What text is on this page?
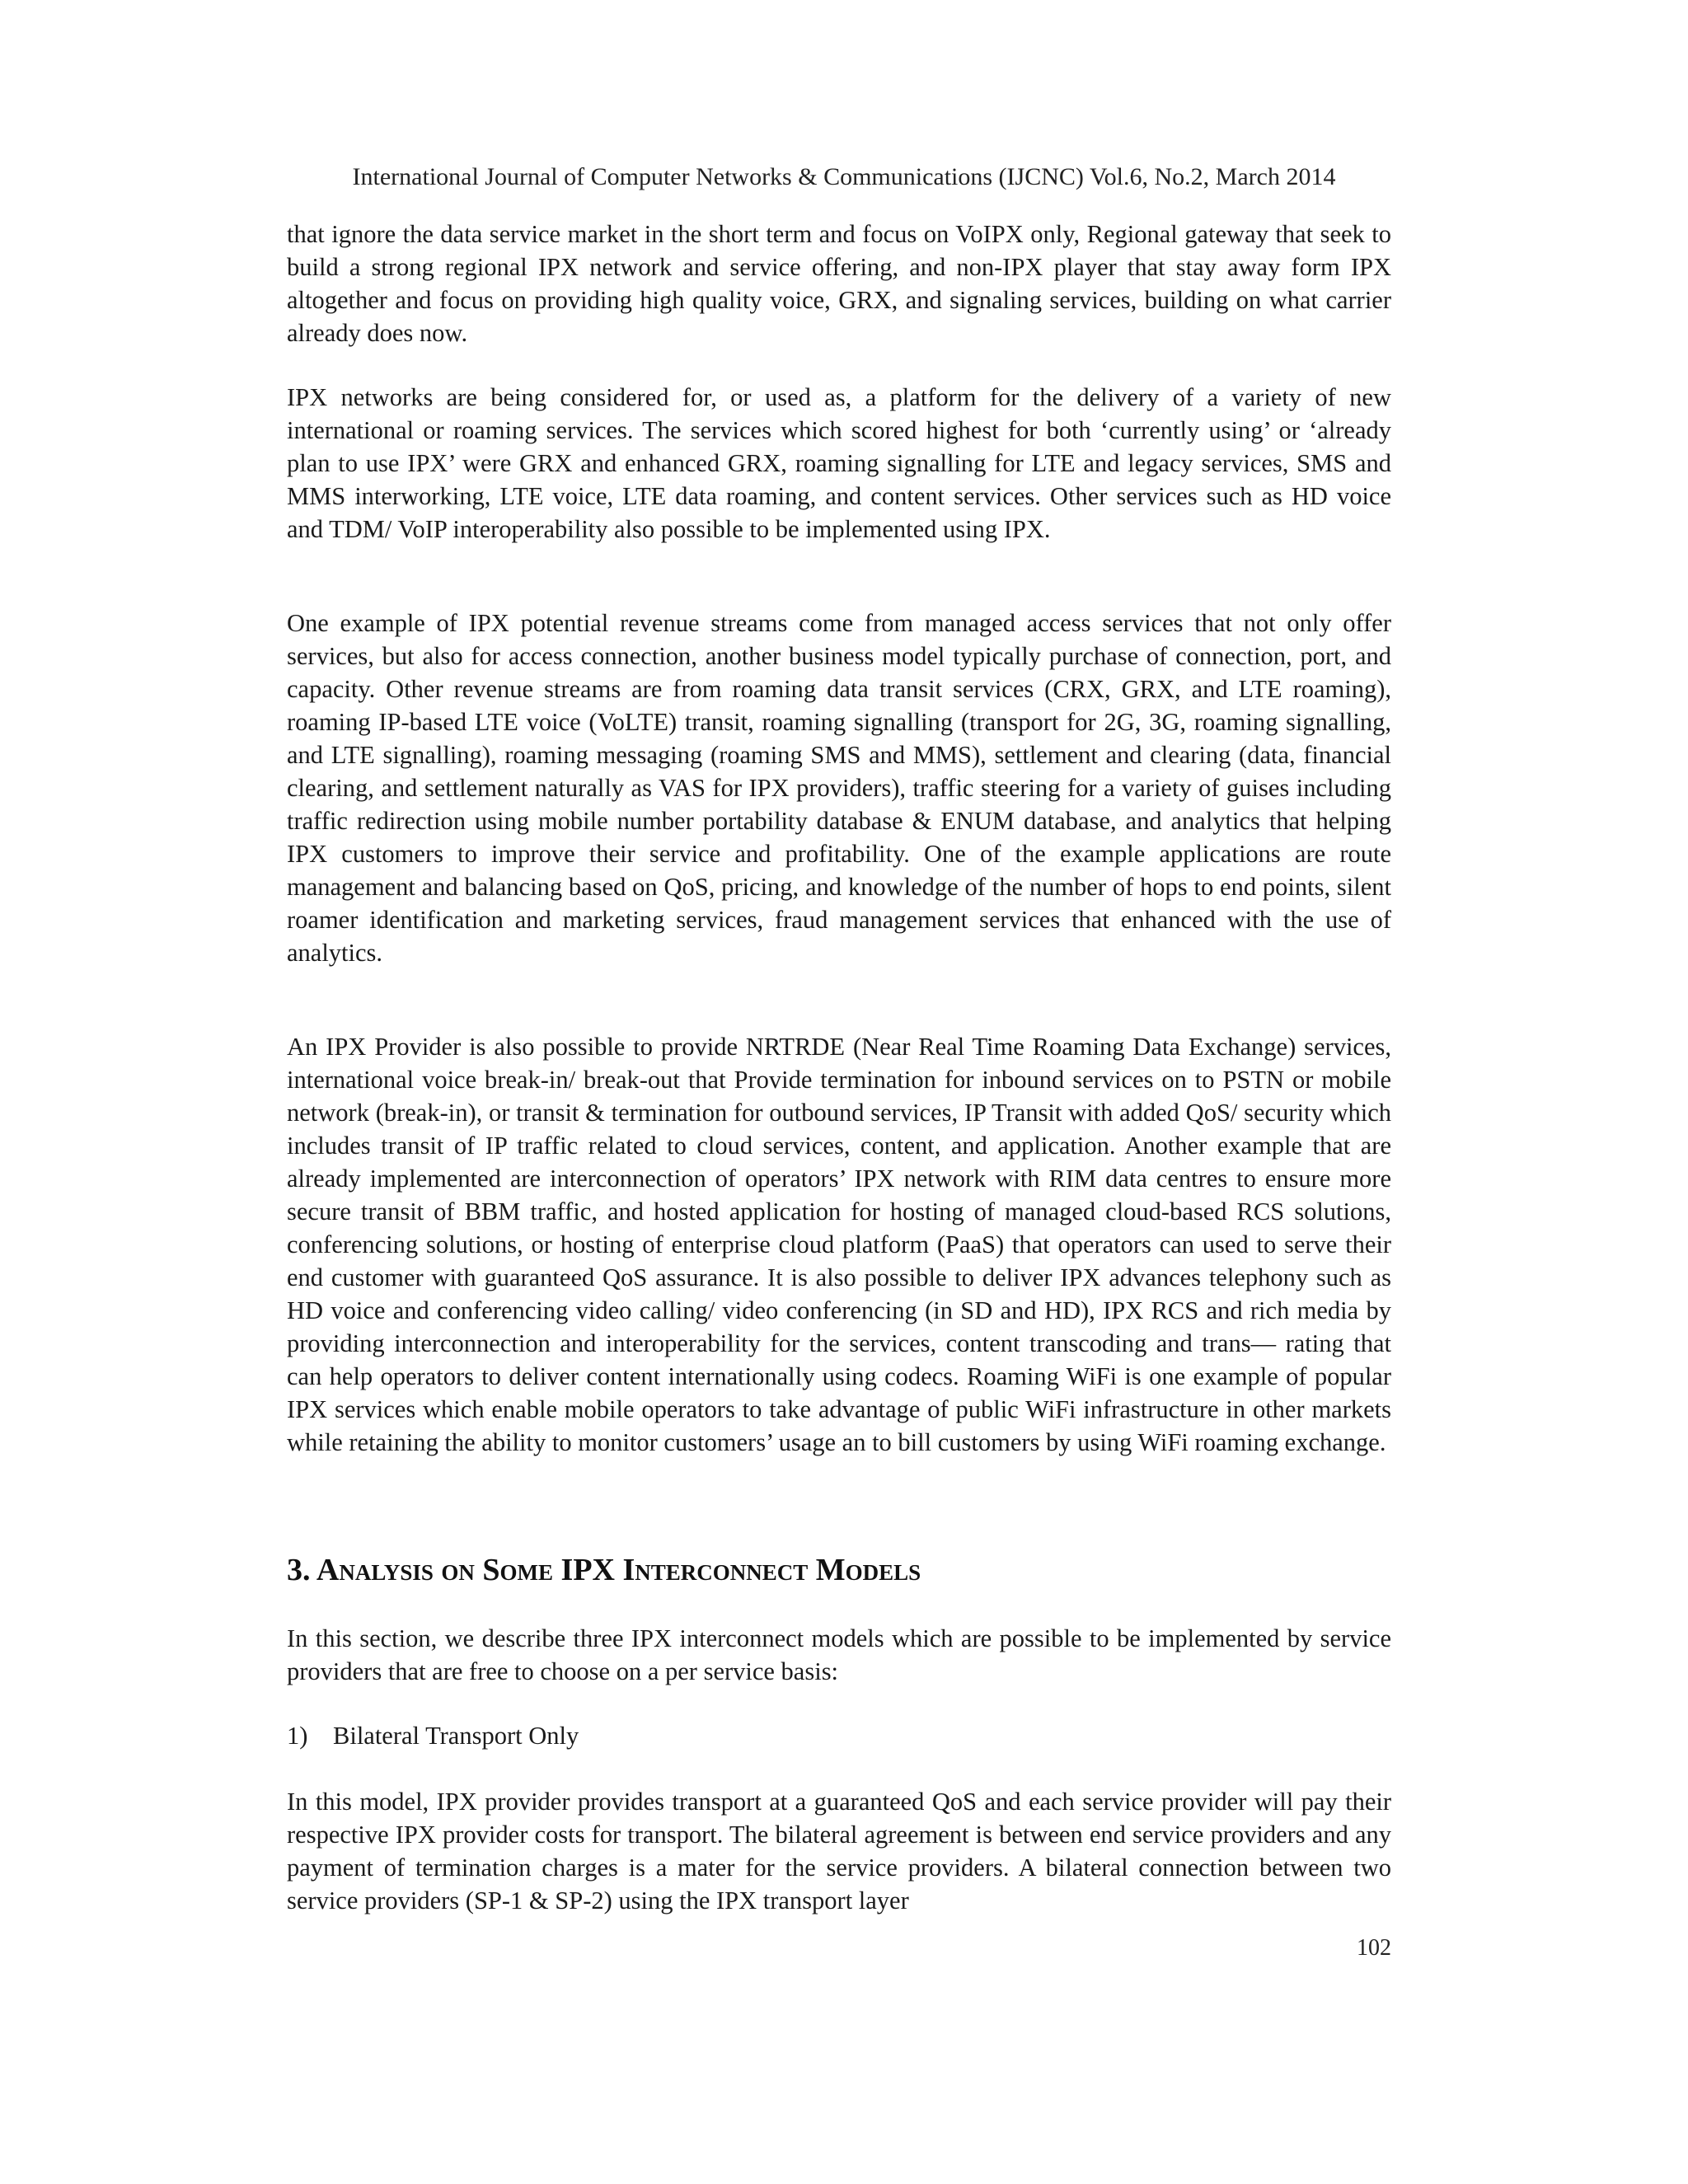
International Journal of Computer Networks & Communications (IJCNC) Vol.6, No.2, March 2014

that ignore the data service market in the short term and focus on VoIPX only, Regional gateway that seek to build a strong regional IPX network and service offering, and non-IPX player that stay away form IPX altogether and focus on providing high quality voice, GRX, and signaling services, building on what carrier already does now.

IPX networks are being considered for, or used as, a platform for the delivery of a variety of new international or roaming services. The services which scored highest for both ‘currently using’ or ‘already plan to use IPX’ were GRX and enhanced GRX, roaming signalling for LTE and legacy services, SMS and MMS interworking, LTE voice, LTE data roaming, and content services. Other services such as HD voice and TDM/ VoIP interoperability also possible to be implemented using IPX.

One example of IPX potential revenue streams come from managed access services that not only offer services, but also for access connection, another business model typically purchase of connection, port, and capacity. Other revenue streams are from roaming data transit services (CRX, GRX, and LTE roaming), roaming IP-based LTE voice (VoLTE) transit, roaming signalling (transport for 2G, 3G, roaming signalling, and LTE signalling), roaming messaging (roaming SMS and MMS), settlement and clearing (data, financial clearing, and settlement naturally as VAS for IPX providers), traffic steering for a variety of guises including traffic redirection using mobile number portability database & ENUM database, and analytics that helping IPX customers to improve their service and profitability. One of the example applications are route management and balancing based on QoS, pricing, and knowledge of the number of hops to end points, silent roamer identification and marketing services, fraud management services that enhanced with the use of analytics.

An IPX Provider is also possible to provide NRTRDE (Near Real Time Roaming Data Exchange) services, international voice break-in/ break-out that Provide termination for inbound services on to PSTN or mobile network (break-in), or transit & termination for outbound services, IP Transit with added QoS/ security which includes transit of IP traffic related to cloud services, content, and application. Another example that are already implemented are interconnection of operators’ IPX network with RIM data centres to ensure more secure transit of BBM traffic, and hosted application for hosting of managed cloud-based RCS solutions, conferencing solutions, or hosting of enterprise cloud platform (PaaS) that operators can used to serve their end customer with guaranteed QoS assurance. It is also possible to deliver IPX advances telephony such as HD voice and conferencing video calling/ video conferencing (in SD and HD), IPX RCS and rich media by providing interconnection and interoperability for the services, content transcoding and trans— rating that can help operators to deliver content internationally using codecs. Roaming WiFi is one example of popular IPX services which enable mobile operators to take advantage of public WiFi infrastructure in other markets while retaining the ability to monitor customers’ usage an to bill customers by using WiFi roaming exchange.

3. Analysis on Some IPX Interconnect Models

In this section, we describe three IPX interconnect models which are possible to be implemented by service providers that are free to choose on a per service basis:

1) Bilateral Transport Only

In this model, IPX provider provides transport at a guaranteed QoS and each service provider will pay their respective IPX provider costs for transport. The bilateral agreement is between end service providers and any payment of termination charges is a mater for the service providers. A bilateral connection between two service providers (SP-1 & SP-2) using the IPX transport layer

102
